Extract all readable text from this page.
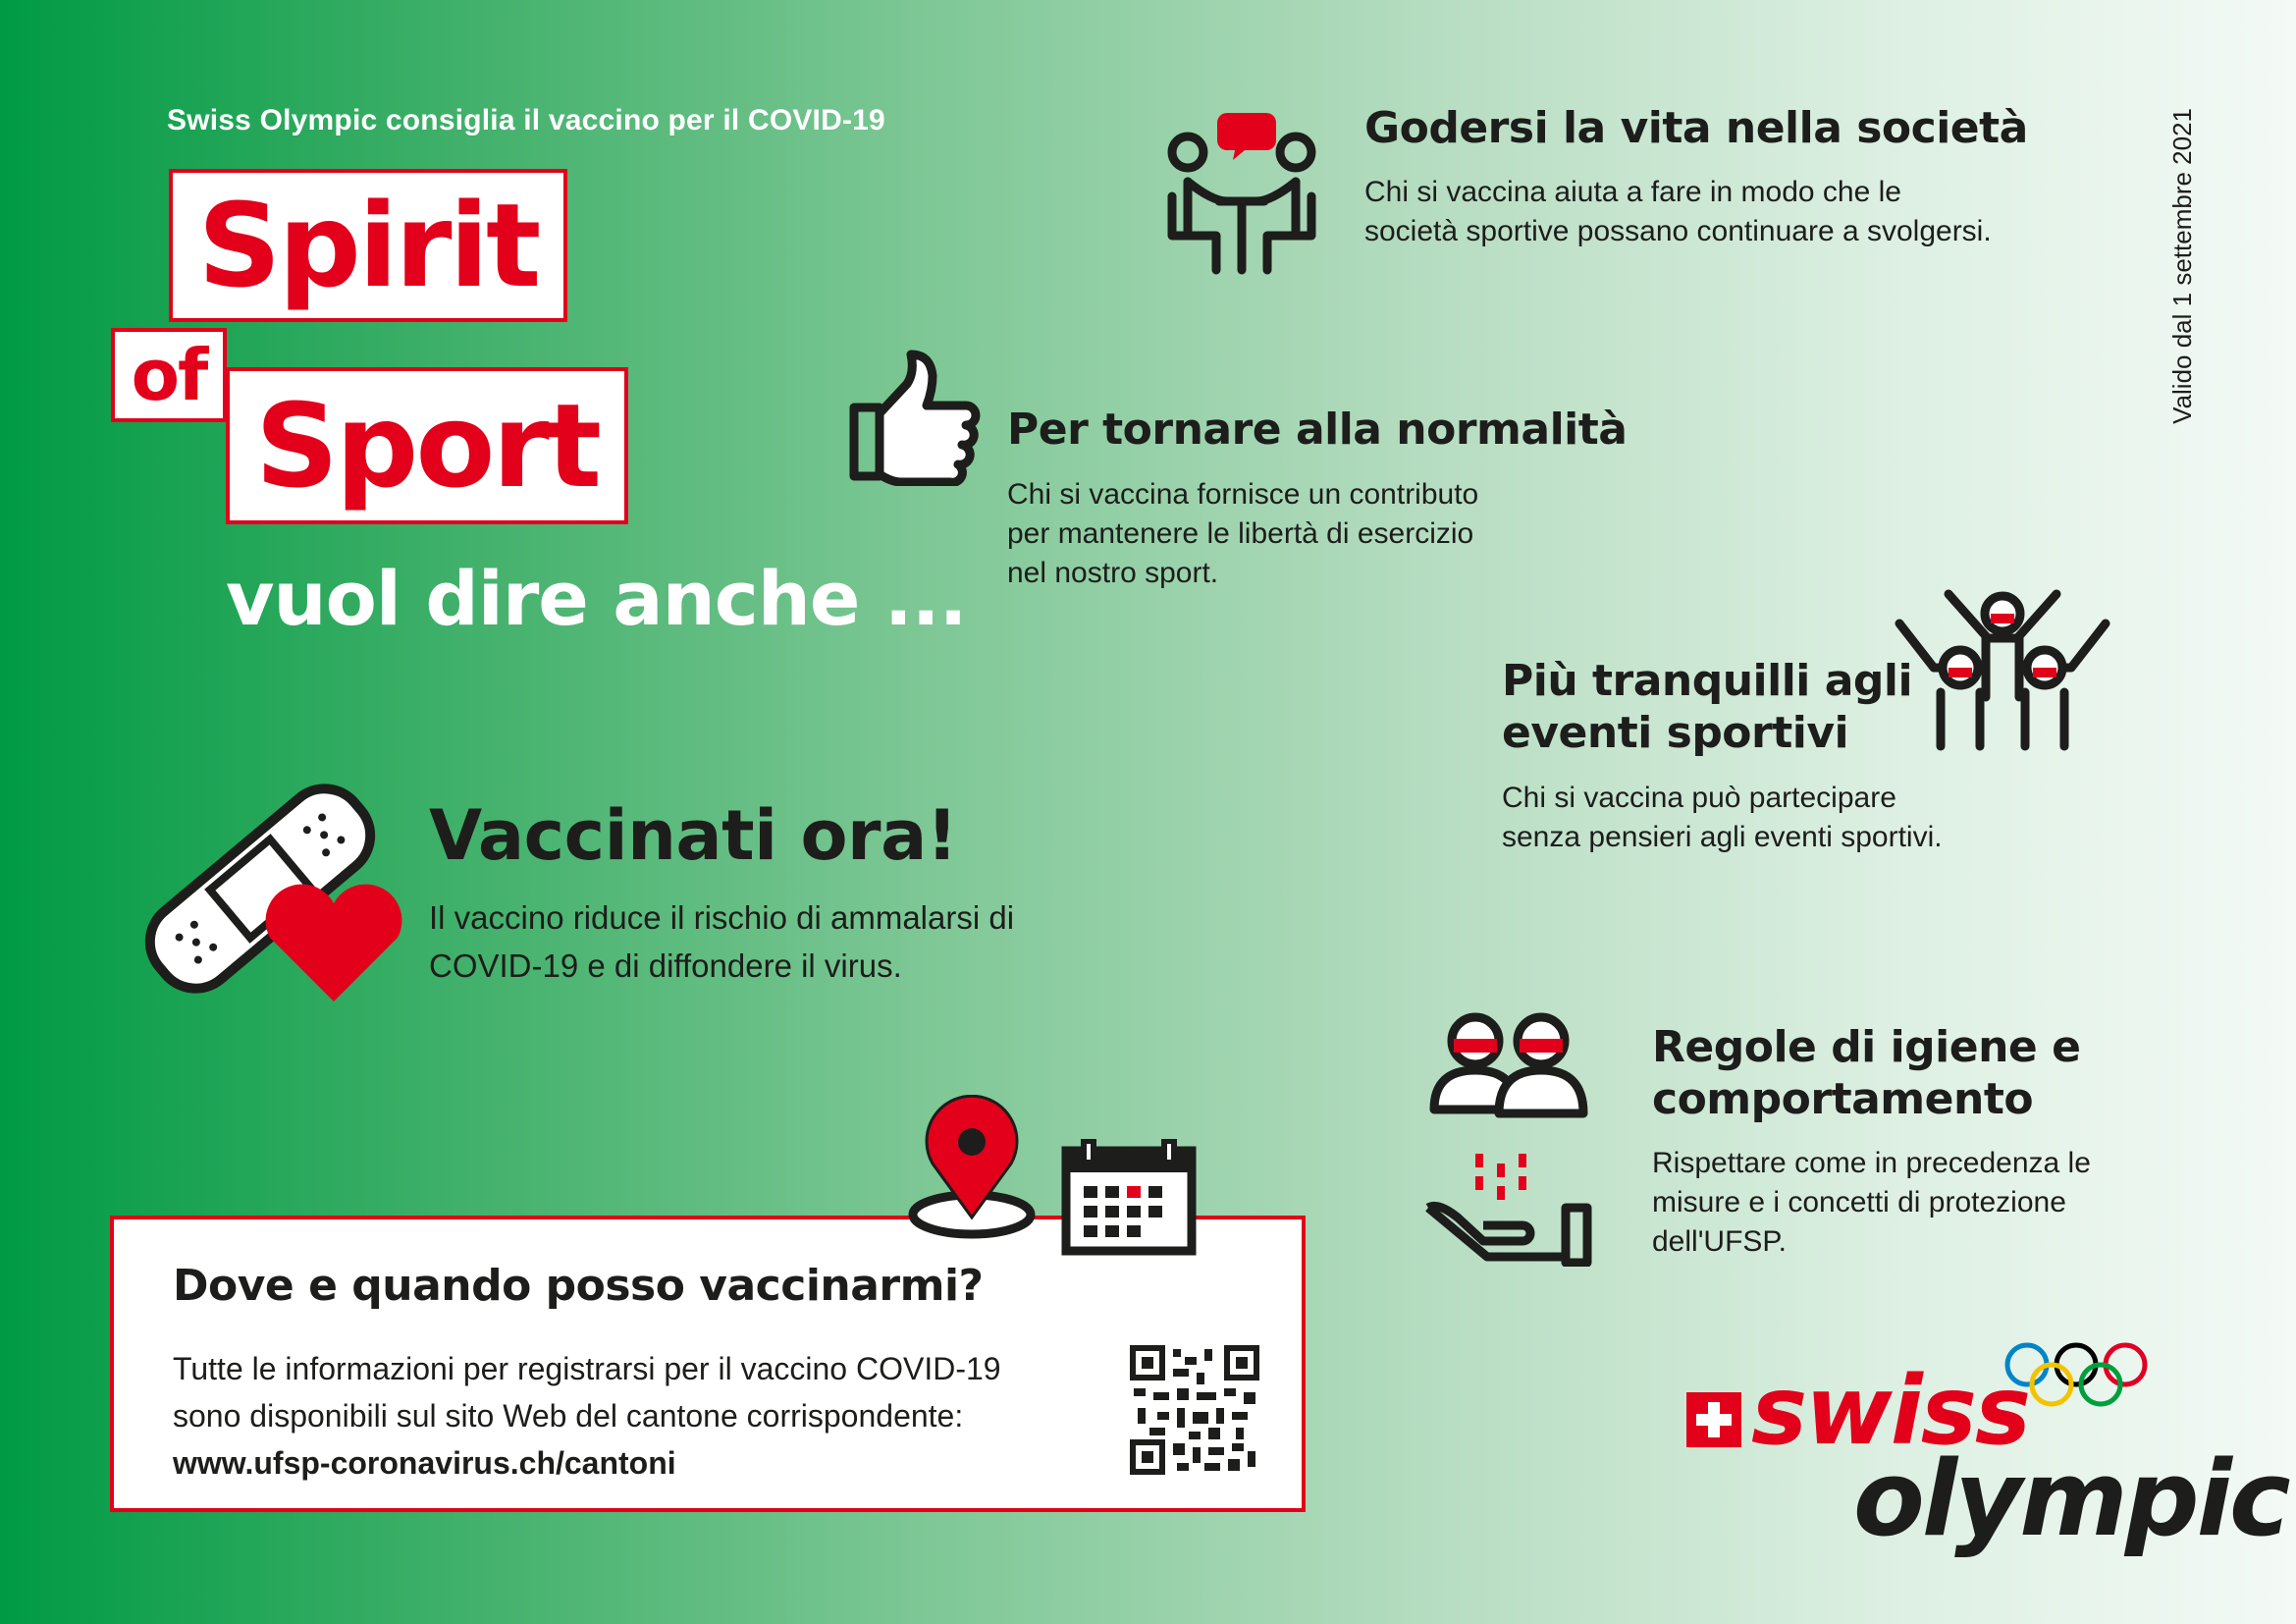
Swiss Olympic consiglia il vaccino per il COVID-19
Spirit
of
Sport
vuol dire anche ...
Valido dal 1 settembre 2021
Godersi la vita nella società
Chi si vaccina aiuta a fare in modo che le
società sportive possano continuare a svolgersi.
Per tornare alla normalità
Chi si vaccina fornisce un contributo
per mantenere le libertà di esercizio
nel nostro sport.
Più tranquilli agli
eventi sportivi
Chi si vaccina può partecipare
senza pensieri agli eventi sportivi.
Regole di igiene e
comportamento
Rispettare come in precedenza le
misure e i concetti di protezione
dell'UFSP.
Vaccinati ora!
Il vaccino riduce il rischio di ammalarsi di
COVID-19 e di diffondere il virus.
Dove e quando posso vaccinarmi?
Tutte le informazioni per registrarsi per il vaccino COVID-19
sono disponibili sul sito Web del cantone corrispondente:
www.ufsp-coronavirus.ch/cantoni	swiss
olympic
